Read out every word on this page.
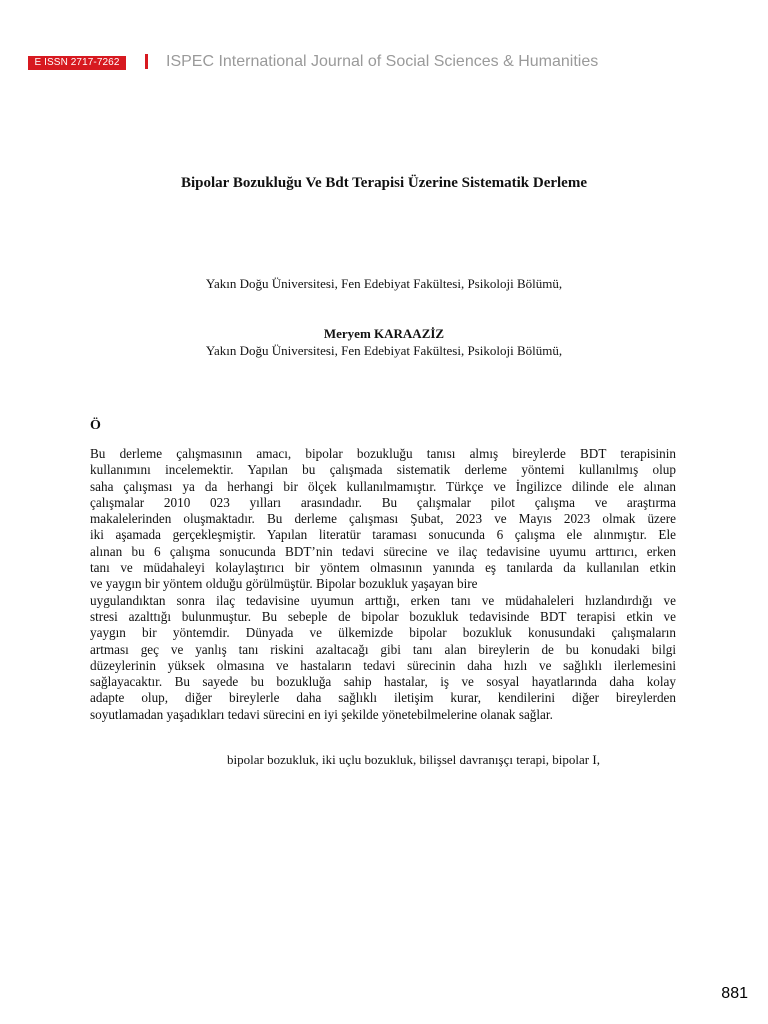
E ISSN 2717-7262	ISPEC International Journal of Social Sciences & Humanities
Bipolar Bozukluğu Ve Bdt Terapisi Üzerine Sistematik Derleme
Yakın Doğu Üniversitesi, Fen Edebiyat Fakültesi, Psikoloji Bölümü,
Meryem KARAAZİZ
Yakın Doğu Üniversitesi, Fen Edebiyat Fakültesi, Psikoloji Bölümü,
Ö

Bu derleme çalışmasının amacı, bipolar bozukluğu tanısı almış bireylerde BDT terapisinin

kullanımını incelemektir. Yapılan bu çalışmada sistematik derleme yöntemi kullanılmış olup

saha çalışması ya da herhangi bir ölçek kullanılmamıştır. Türkçe ve İngilizce dilinde ele alınan

çalışmalar 2010 023 yılları arasındadır. Bu çalışmalar pilot çalışma ve araştırma

makalelerinden oluşmaktadır. Bu derleme çalışması Şubat, 2023 ve Mayıs 2023 olmak üzere

iki aşamada gerçekleşmiştir. Yapılan literatür taraması sonucunda 6 çalışma ele alınmıştır. Ele

alınan bu 6 çalışma sonucunda BDT’nin tedavi sürecine ve ilaç tedavisine uyumu arttırıcı, erken

tanı ve müdahaleyi kolaylaştırıcı bir yöntem olmasının yanında eş tanılarda da kullanılan etkin

ve yaygın bir yöntem olduğu görülmüştür. Bipolar bozukluk yaşayan bire

uygulandıktan sonra ilaç tedavisine uyumun arttığı, erken tanı ve müdahaleleri hızlandırdığı ve

stresi azalttığı bulunmuştur. Bu sebeple de bipolar bozukluk tedavisinde BDT terapisi etkin ve

yaygın bir yöntemdir. Dünyada ve ülkemizde bipolar bozukluk konusundaki çalışmaların

artması geç ve yanlış tanı riskini azaltacağı gibi tanı alan bireylerin de bu konudaki bilgi

düzeylerinin yüksek olmasına ve hastaların tedavi sürecinin daha hızlı ve sağlıklı ilerlemesini

sağlayacaktır. Bu sayede bu bozukluğa sahip hastalar, iş ve sosyal hayatlarında daha kolay

adapte olup, diğer bireylerle daha sağlıklı iletişim kurar, kendilerini diğer bireylerden

soyutlamadan yaşadıkları tedavi sürecini en iyi şekilde yönetebilmelerine olanak sağlar.

bipolar bozukluk, iki uçlu bozukluk, bilişsel davranışçı terapi, bipolar I,
881
